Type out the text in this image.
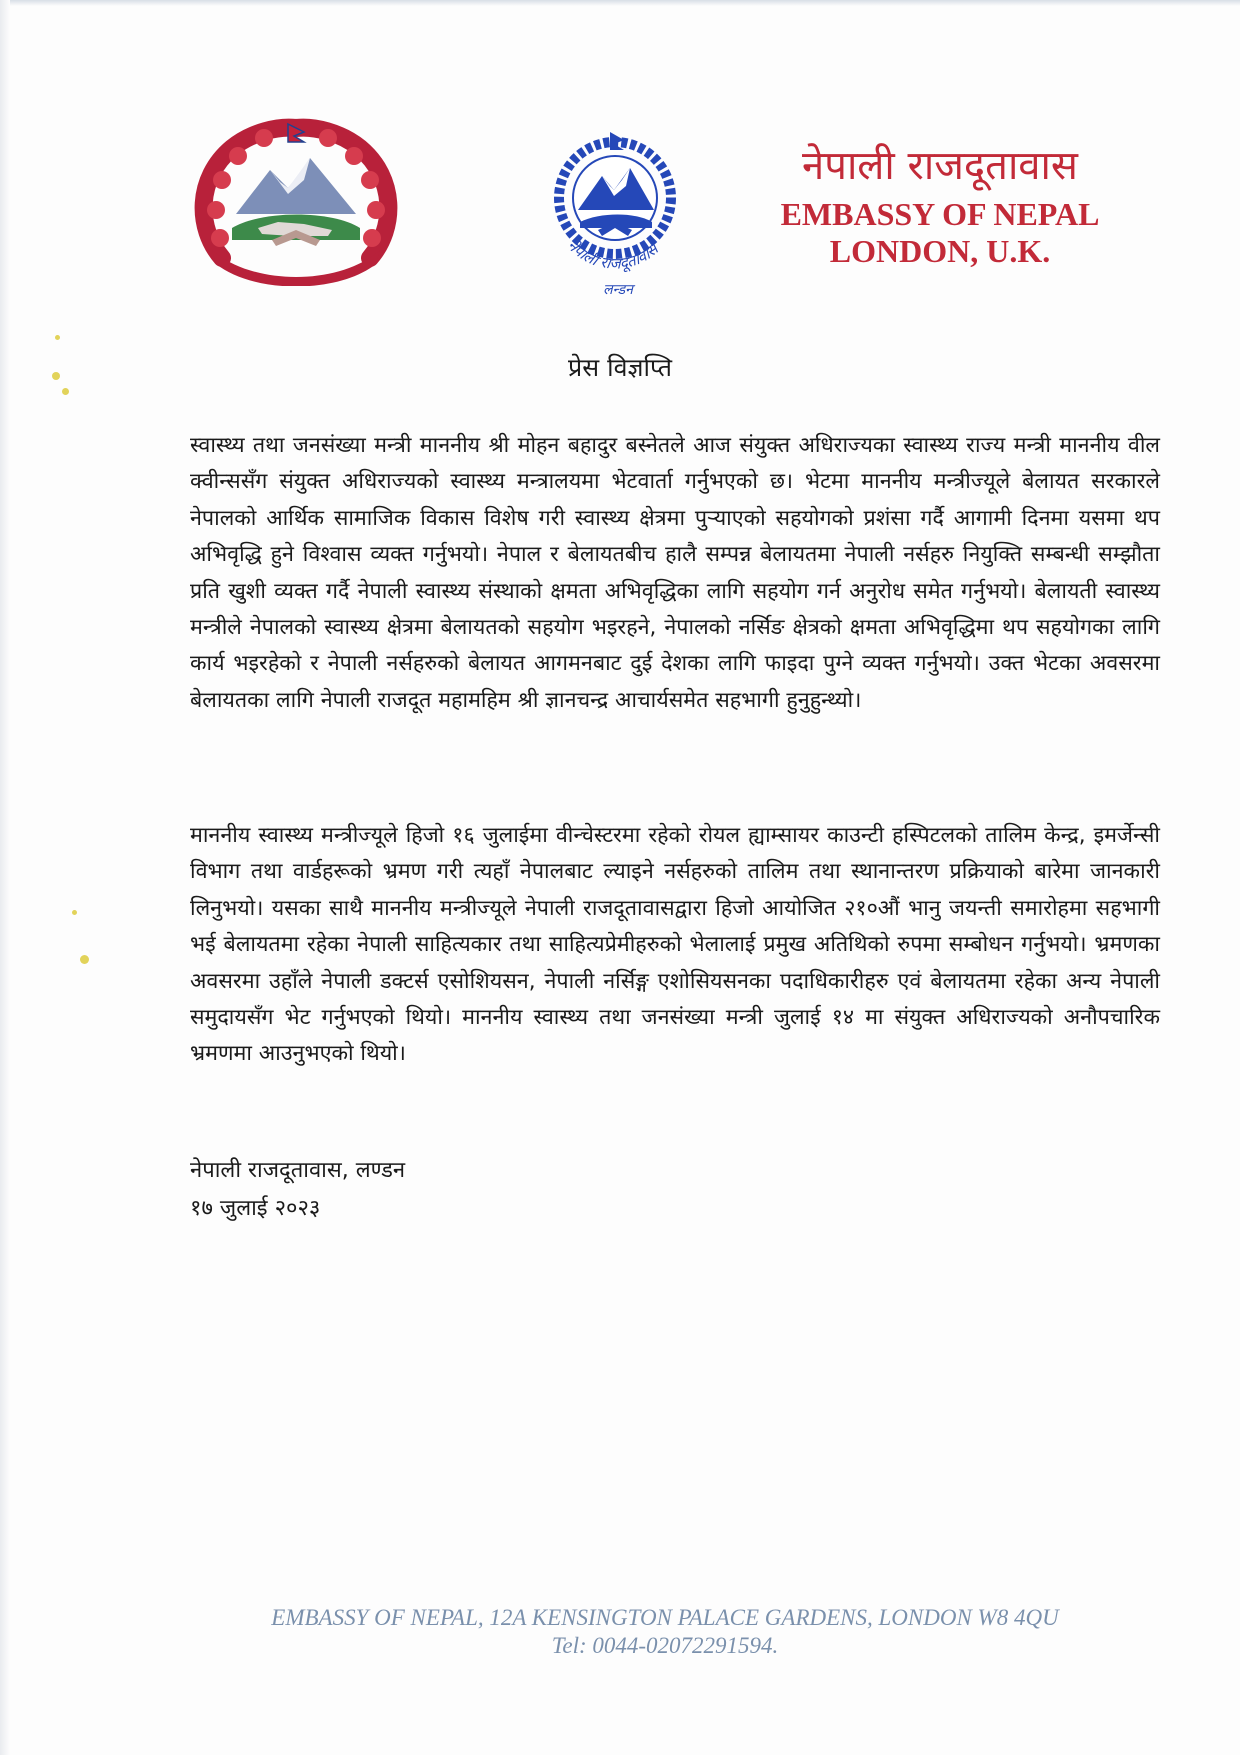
नेपाली राजदूतावास
लन्डन
नेपाली राजदूतावास
EMBASSY OF NEPAL
LONDON, U.K.
प्रेस विज्ञप्ति

स्वास्थ्य तथा जनसंख्या मन्त्री माननीय श्री मोहन बहादुर बस्नेतले आज संयुक्त अधिराज्यका स्वास्थ्य राज्य मन्त्री माननीय वील क्वीन्ससँग संयुक्त अधिराज्यको स्वास्थ्य मन्त्रालयमा भेटवार्ता गर्नुभएको छ। भेटमा माननीय मन्त्रीज्यूले बेलायत सरकारले नेपालको आर्थिक सामाजिक विकास विशेष गरी स्वास्थ्य क्षेत्रमा पुऱ्याएको सहयोगको प्रशंसा गर्दै आगामी दिनमा यसमा थप अभिवृद्धि हुने विश्वास व्यक्त गर्नुभयो। नेपाल र बेलायतबीच हालै सम्पन्न बेलायतमा नेपाली नर्सहरु नियुक्ति सम्बन्धी सम्झौता प्रति खुशी व्यक्त गर्दै नेपाली स्वास्थ्य संस्थाको क्षमता अभिवृद्धिका लागि सहयोग गर्न अनुरोध समेत गर्नुभयो। बेलायती स्वास्थ्य मन्त्रीले नेपालको स्वास्थ्य क्षेत्रमा बेलायतको सहयोग भइरहने, नेपालको नर्सिङ क्षेत्रको क्षमता अभिवृद्धिमा थप सहयोगका लागि कार्य भइरहेको र नेपाली नर्सहरुको बेलायत आगमनबाट दुई देशका लागि फाइदा पुग्ने व्यक्त गर्नुभयो। उक्त भेटका अवसरमा बेलायतका लागि नेपाली राजदूत महामहिम श्री ज्ञानचन्द्र आचार्यसमेत सहभागी हुनुहुन्थ्यो।

माननीय स्वास्थ्य मन्त्रीज्यूले हिजो १६ जुलाईमा वीन्चेस्टरमा रहेको रोयल ह्याम्सायर काउन्टी हस्पिटलको तालिम केन्द्र, इमर्जेन्सी विभाग तथा वार्डहरूको भ्रमण गरी त्यहाँ नेपालबाट ल्याइने नर्सहरुको तालिम तथा स्थानान्तरण प्रक्रियाको बारेमा जानकारी लिनुभयो। यसका साथै माननीय मन्त्रीज्यूले नेपाली राजदूतावासद्वारा हिजो आयोजित २१०औं भानु जयन्ती समारोहमा सहभागी भई बेलायतमा रहेका नेपाली साहित्यकार तथा साहित्यप्रेमीहरुको भेलालाई प्रमुख अतिथिको रुपमा सम्बोधन गर्नुभयो। भ्रमणका अवसरमा उहाँले नेपाली डक्टर्स एसोशियसन, नेपाली नर्सिङ्ग एशोसियसनका पदाधिकारीहरु एवं बेलायतमा रहेका अन्य नेपाली समुदायसँग भेट गर्नुभएको थियो। माननीय स्वास्थ्य तथा जनसंख्या मन्त्री जुलाई १४ मा संयुक्त अधिराज्यको अनौपचारिक भ्रमणमा आउनुभएको थियो।

नेपाली राजदूतावास, लण्डन
१७ जुलाई २०२३
EMBASSY OF NEPAL, 12A KENSINGTON PALACE GARDENS, LONDON W8 4QU
Tel: 0044-02072291594.
